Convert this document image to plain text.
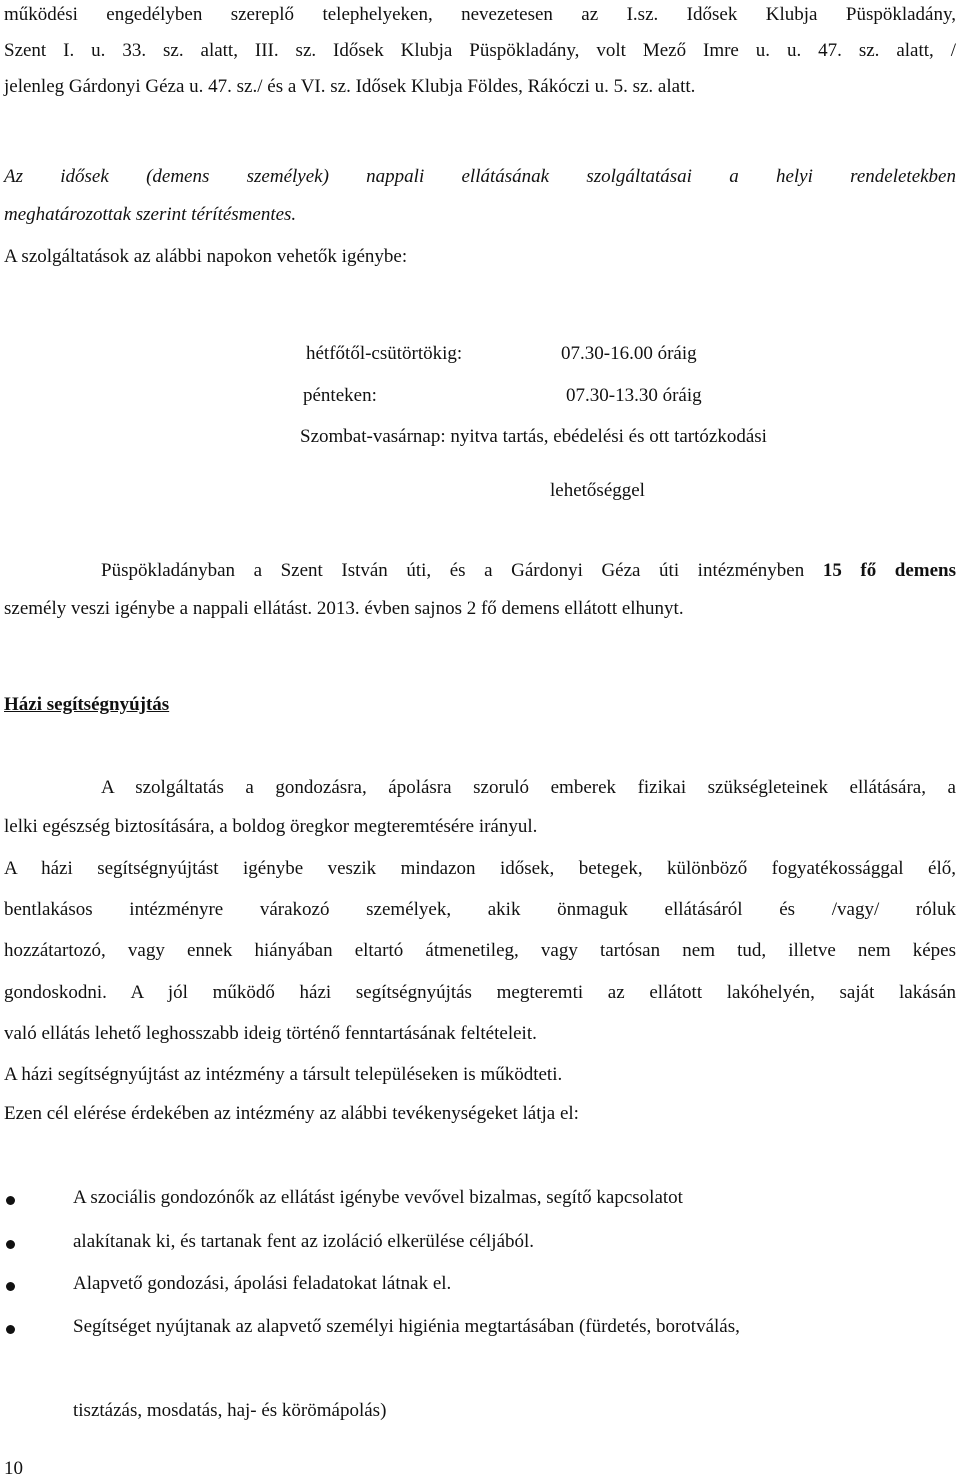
működési engedélyben szereplő telephelyeken, nevezetesen az I.sz. Idősek Klubja Püspökladány,
Szent I. u. 33. sz. alatt, III. sz. Idősek Klubja Püspökladány, volt Mező Imre u. u. 47. sz. alatt, /
jelenleg Gárdonyi Géza u. 47. sz./ és a VI. sz. Idősek Klubja Földes, Rákóczi u. 5. sz. alatt.
Az idősek (demens személyek) nappali ellátásának szolgáltatásai a helyi rendeletekben
meghatározottak szerint térítésmentes.
A szolgáltatások az alábbi napokon vehetők igénybe:
hétfőtől-csütörtökig:	07.30-16.00 óráig
pénteken:	07.30-13.30 óráig
Szombat-vasárnap: nyitva tartás, ebédelési és ott tartózkodási
lehetőséggel
Püspökladányban a Szent István úti, és a Gárdonyi Géza úti intézményben 15 fő demens
személy veszi igénybe a nappali ellátást. 2013. évben sajnos 2 fő demens ellátott elhunyt.
Házi segítségnyújtás
A szolgáltatás a gondozásra, ápolásra szoruló emberek fizikai szükségleteinek ellátására, a
lelki egészség biztosítására, a boldog öregkor megteremtésére irányul.
A házi segítségnyújtást igénybe veszik mindazon idősek, betegek, különböző fogyatékossággal élő,
bentlakásos intézményre várakozó személyek, akik önmaguk ellátásáról és /vagy/ róluk
hozzátartozó, vagy ennek hiányában eltartó átmenetileg, vagy tartósan nem tud, illetve nem képes
gondoskodni. A jól működő házi segítségnyújtás megteremti az ellátott lakóhelyén, saját lakásán
való ellátás lehető leghosszabb ideig történő fenntartásának feltételeit.
A házi segítségnyújtást az intézmény a társult településeken is működteti.
Ezen cél elérése érdekében az intézmény az alábbi tevékenységeket látja el:
A szociális gondozónők az ellátást igénybe vevővel bizalmas, segítő kapcsolatot
alakítanak ki, és tartanak fent az izoláció elkerülése céljából.
Alapvető gondozási, ápolási feladatokat látnak el.
Segítséget nyújtanak az alapvető személyi higiénia megtartásában (fürdetés, borotválás,
tisztázás, mosdatás, haj- és körömápolás)
10
